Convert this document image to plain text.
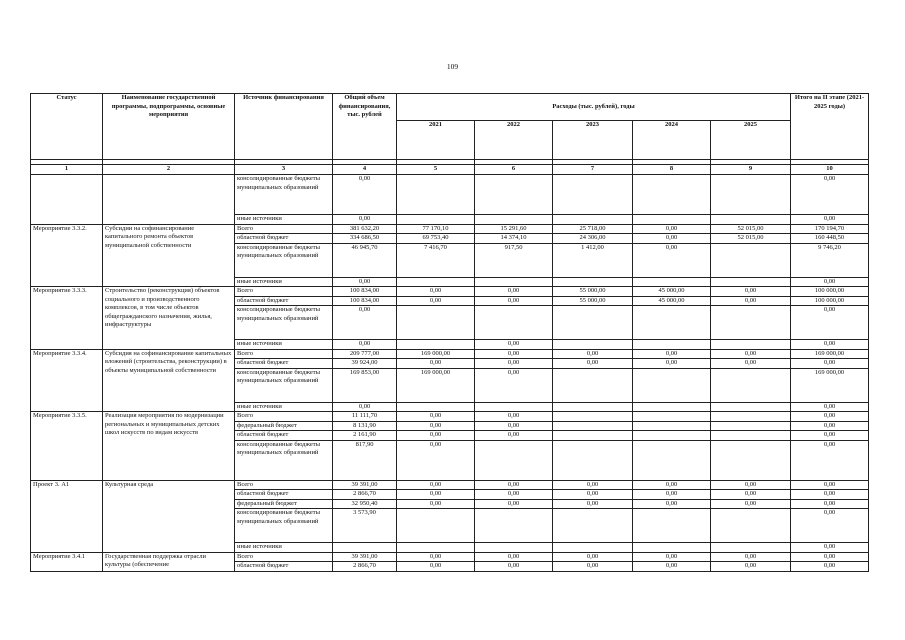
109
Статус	Наименование государственной программы, подпрограммы, основные мероприятия	Источник финансирования	Общий объем финансирования, тыс. рублей	Расходы (тыс. рублей), годы					Итого на II этапе (2021-2025 годы)
				2021	2022	2023	2024	2025	

1	2	3	4	5	6	7	8	9	10
		консолидированные бюджеты муниципальных образований	0,00						0,00
		иные источники	0,00						0,00
Мероприятие 3.3.2.	Субсидии на софинансирование капитального ремонта объектов муниципальной собственности	Всего	381 632,20	77 170,10	15 291,60	25 718,00	0,00	52 015,00	170 194,70
		областной бюджет	334 686,50	69 753,40	14 374,10	24 306,00	0,00	52 015,00	160 448,50
		консолидированные бюджеты муниципальных образований	46 945,70	7 416,70	917,50	1 412,00	0,00		9 746,20
		иные источники	0,00						0,00
Мероприятие 3.3.3.	Строительство (реконструкция) объектов социального и производственного комплексов, в том числе объектов общегражданского назначения, жилья, инфраструктуры	Всего	100 834,00	0,00	0,00	55 000,00	45 000,00	0,00	100 000,00
		областной бюджет	100 834,00	0,00	0,00	55 000,00	45 000,00	0,00	100 000,00
		консолидированные бюджеты муниципальных образований	0,00						0,00
		иные источники	0,00		0,00				0,00
Мероприятие 3.3.4.	Субсидия на софинансирование капитальных вложений (строительства, реконструкции) в объекты муниципальной собственности	Всего	209 777,00	169 000,00	0,00	0,00	0,00	0,00	169 000,00
		областной бюджет	39 924,00	0,00	0,00	0,00	0,00	0,00	0,00
		консолидированные бюджеты муниципальных образований	169 853,00	169 000,00	0,00				169 000,00
		иные источники	0,00						0,00
Мероприятие 3.3.5.	Реализация мероприятия по модернизации региональных и муниципальных детских школ искусств по видам искусств	Всего	11 111,70	0,00	0,00				0,00
		федеральный бюджет	8 131,90	0,00	0,00				0,00
		областной бюджет	2 161,90	0,00	0,00				0,00
		консолидированные бюджеты муниципальных образований	817,90	0,00					0,00
Проект 3. А1	Культурная среда	Всего	39 391,00	0,00	0,00	0,00	0,00	0,00	0,00
		областной бюджет	2 866,70	0,00	0,00	0,00	0,00	0,00	0,00
		федеральный бюджет	32 950,40	0,00	0,00	0,00	0,00	0,00	0,00
		консолидированные бюджеты муниципальных образований	3 573,90						0,00
		иные источники							0,00
Мероприятие 3.4.1	Государственная поддержка отрасли культуры (обеспечение	Всего	39 391,00	0,00	0,00	0,00	0,00	0,00	0,00
		областной бюджет	2 866,70	0,00	0,00	0,00	0,00	0,00	0,00
